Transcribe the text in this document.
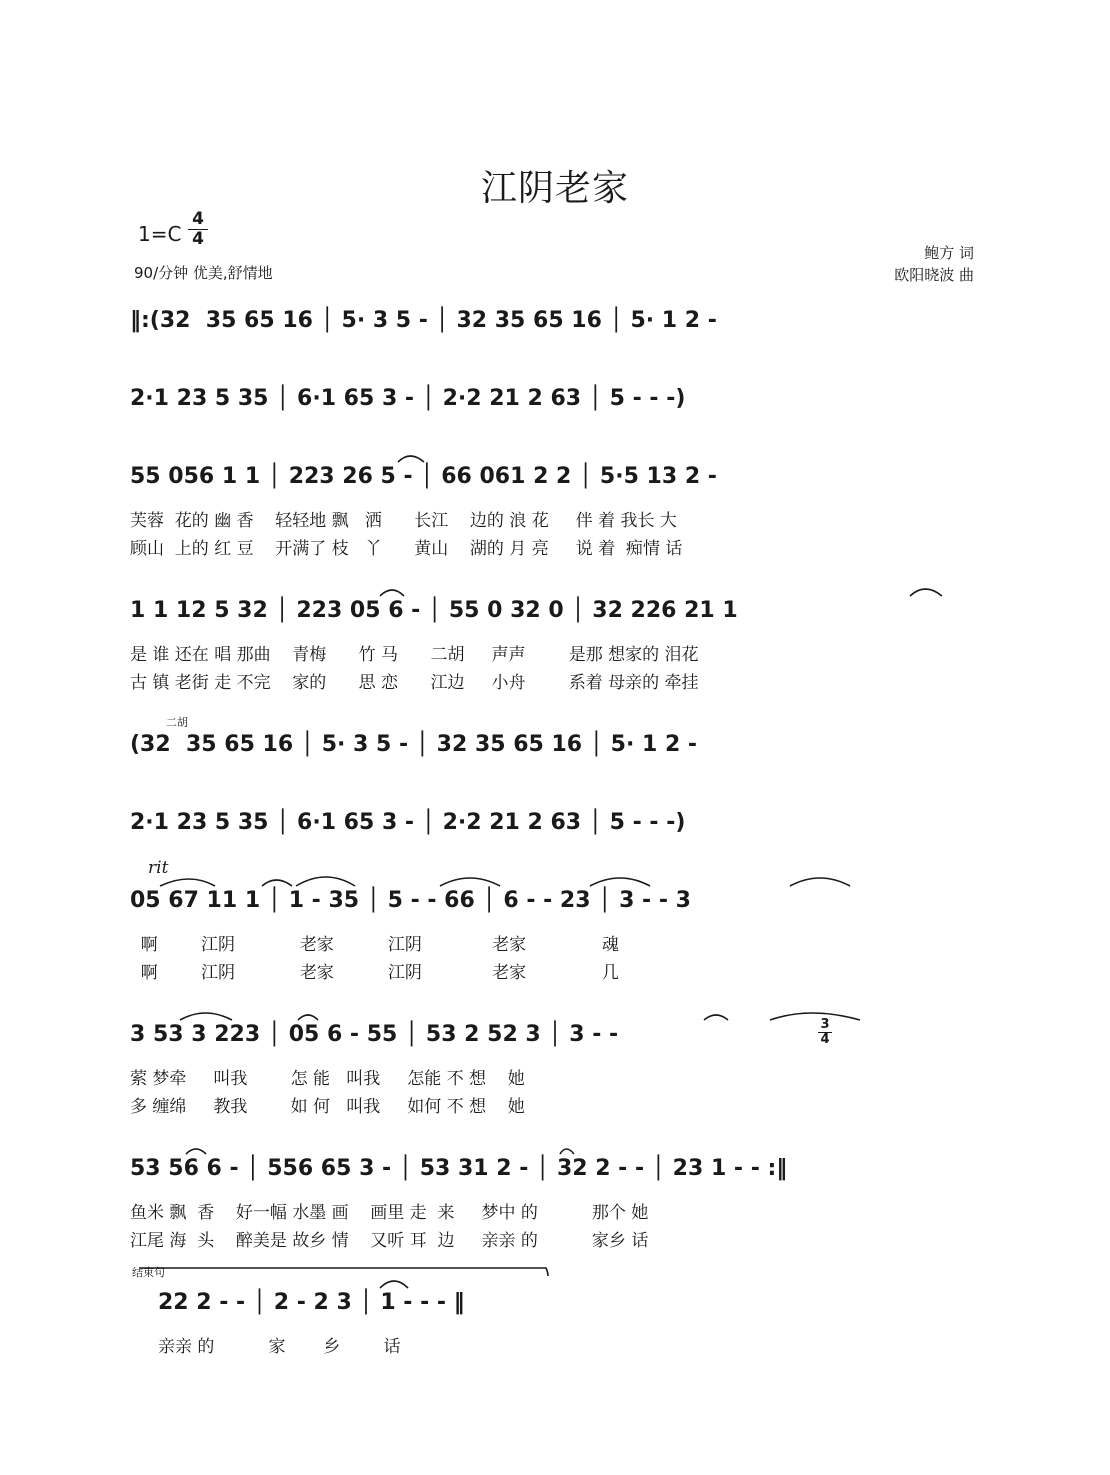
江阴老家
$1=C \frac{4}{4}$
90/分钟 优美,舒情地
鲍方 词
欧阳晓波 曲
‖:(32  35 65 16 │ 5· 3 5 - │ 32 35 65 16 │ 5· 1 2 -
2·1 23 5 35 │ 6·1 65 3 - │ 2·2 21 2 63 │ 5 - - -)
55 056 1 1 │ 223 26 5 - │ 66 061 2 2 │ 5·5 13 2 -
芙蓉  花的 幽 香    轻轻地 飘   洒      长江    边的 浪 花     伴 着 我长 大
顾山  上的 红 豆    开满了 枝   丫      黄山    湖的 月 亮     说 着  痴情 话
1 1 12 5 32 │ 223 05 6 - │ 55 0 32 0 │ 32 226 21 1
是 谁 还在 唱 那曲    青梅      竹 马      二胡     声声        是那 想家的 泪花
古 镇 老街 走 不完    家的      思 恋      江边     小舟        系着 母亲的 牵挂
二胡
(32  35 65 16 │ 5· 3 5 - │ 32 35 65 16 │ 5· 1 2 -
2·1 23 5 35 │ 6·1 65 3 - │ 2·2 21 2 63 │ 5 - - -)
rit
05 67 11 1 │ 1 - 35 │ 5 - - 66 │ 6 - - 23 │ 3 - - 3
啊        江阴            老家          江阴             老家              魂
啊        江阴            老家          江阴             老家              几
3 53 3 223 │ 05 6 - 55 │ 53 2 52 3 │ 3 - -	$\frac{3}{4}$
萦 梦牵     叫我        怎 能   叫我     怎能 不 想    她
多 缠绵     教我        如 何   叫我     如何 不 想    她
53 56 6 - │ 556 65 3 - │ 53 31 2 - │ 32 2 - - │ 23 1 - - :‖
鱼米 飘  香    好一幅 水墨 画    画里 走  来     梦中 的          那个 她
江尾 海  头    醉美是 故乡 情    又听 耳  边     亲亲 的          家乡 话
结束句
22 2 - - │ 2 - 2 3 │ 1 - - - ‖
亲亲 的          家       乡        话
